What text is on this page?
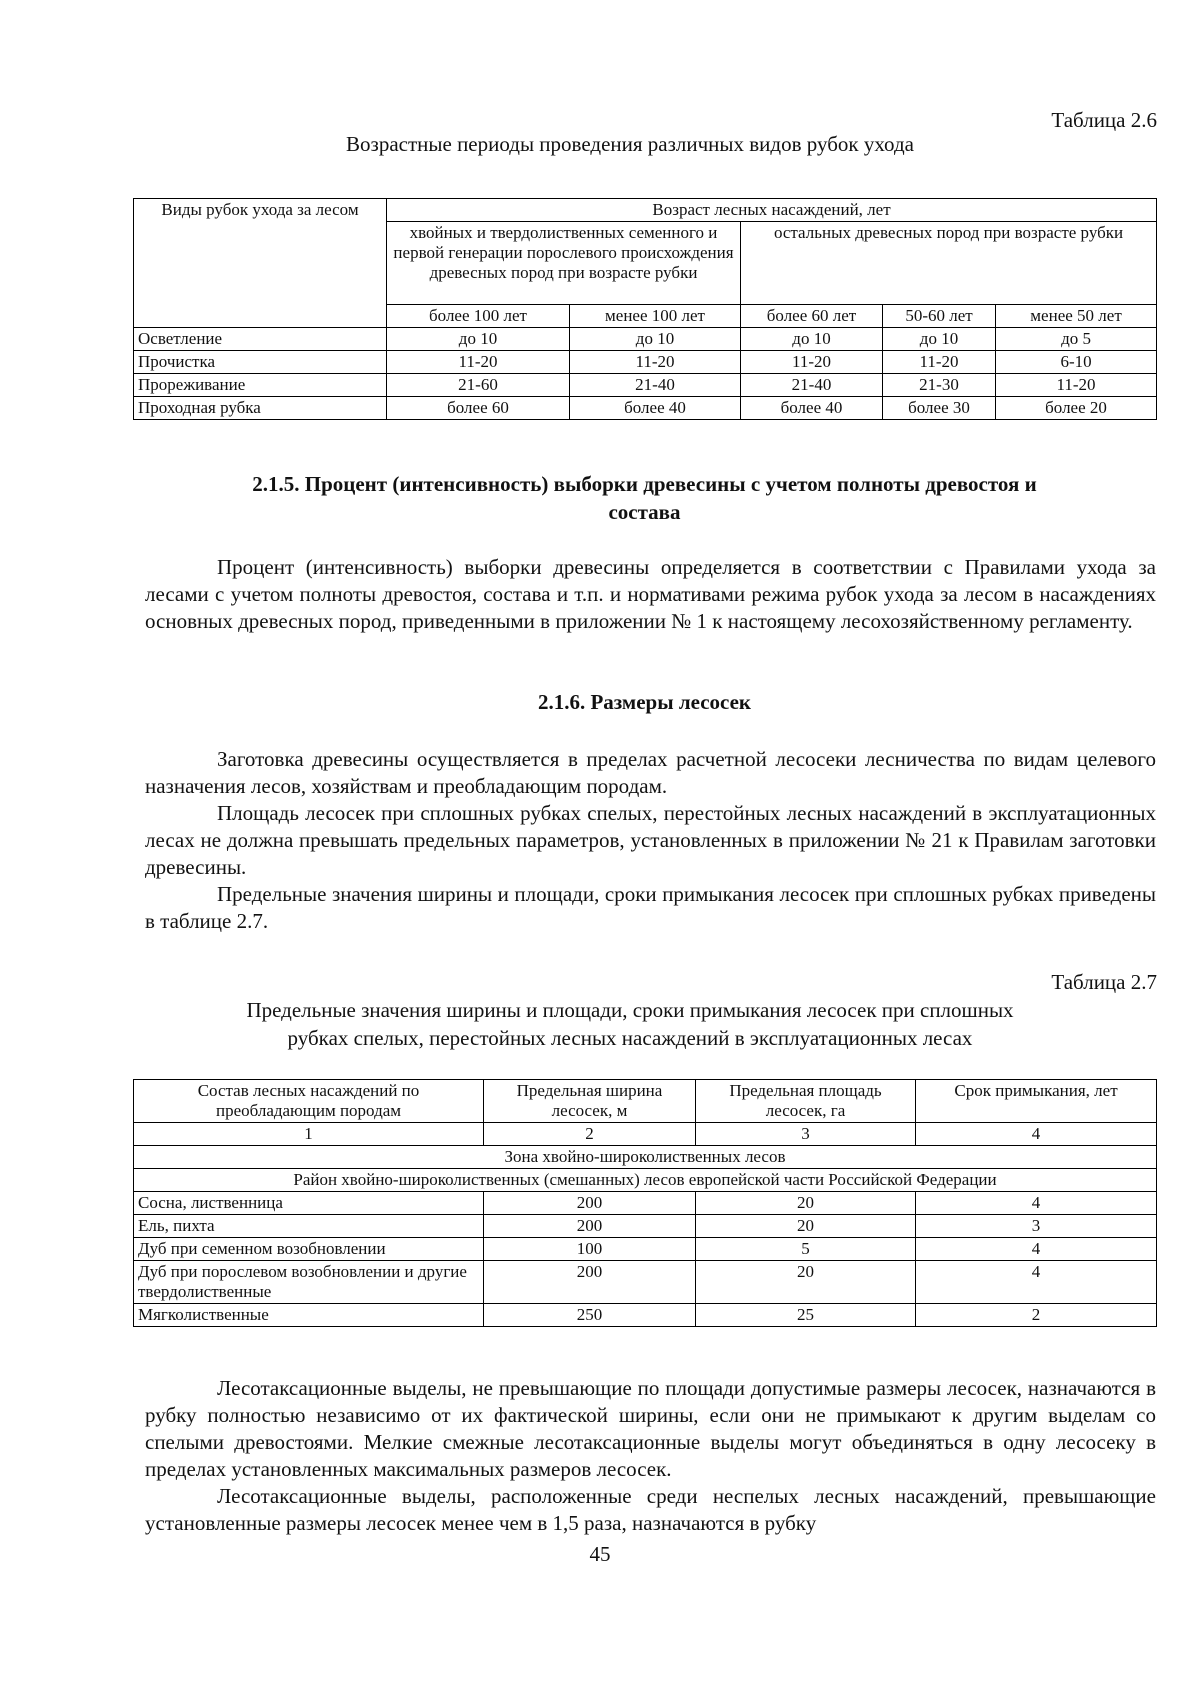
Таблица 2.6
Возрастные периоды проведения различных видов рубок ухода
Виды рубок ухода за лесом	Возраст лесных насаждений, лет				
	хвойных и твердолиственных семенного и первой генерации порослевого происхождения древесных пород при возрасте рубки		остальных древесных пород при возрасте рубки		
	более 100 лет	менее 100 лет	более 60 лет	50-60 лет	менее 50 лет
Осветление	до 10	до 10	до 10	до 10	до 5
Прочистка	11-20	11-20	11-20	11-20	6-10
Прореживание	21-60	21-40	21-40	21-30	11-20
Проходная рубка	более 60	более 40	более 40	более 30	более 20
2.1.5. Процент (интенсивность) выборки древесины с учетом полноты древостоя и
состава

Процент (интенсивность) выборки древесины определяется в соответствии с Правилами ухода за лесами с учетом полноты древостоя, состава и т.п. и нормативами режима рубок ухода за лесом в насаждениях основных древесных пород, приведенными в приложении № 1 к настоящему лесохозяйственному регламенту.

2.1.6. Размеры лесосек

Заготовка древесины осуществляется в пределах расчетной лесосеки лесничества по видам целевого назначения лесов, хозяйствам и преобладающим породам.

Площадь лесосек при сплошных рубках спелых, перестойных лесных насаждений в эксплуатационных лесах не должна превышать предельных параметров, установленных в приложении № 21 к Правилам заготовки древесины.

Предельные значения ширины и площади, сроки примыкания лесосек при сплошных рубках приведены в таблице 2.7.

Таблица 2.7
Предельные значения ширины и площади, сроки примыкания лесосек при сплошных
рубках спелых, перестойных лесных насаждений в эксплуатационных лесах
Состав лесных насаждений по преобладающим породам	Предельная ширина лесосек, м	Предельная площадь лесосек, га	Срок примыкания, лет
1	2	3	4
Зона хвойно-широколиственных лесов			
Район хвойно-широколиственных (смешанных) лесов европейской части Российской Федерации			
Сосна, лиственница	200	20	4
Ель, пихта	200	20	3
Дуб при семенном возобновлении	100	5	4
Дуб при порослевом возобновлении и другие твердолиственные	200	20	4
Мягколиственные	250	25	2

Лесотаксационные выделы, не превышающие по площади допустимые размеры лесосек, назначаются в рубку полностью независимо от их фактической ширины, если они не примыкают к другим выделам со спелыми древостоями. Мелкие смежные лесотаксационные выделы могут объединяться в одну лесосеку в пределах установленных максимальных размеров лесосек.

Лесотаксационные выделы, расположенные среди неспелых лесных насаждений, превышающие установленные размеры лесосек менее чем в 1,5 раза, назначаются в рубку

45
